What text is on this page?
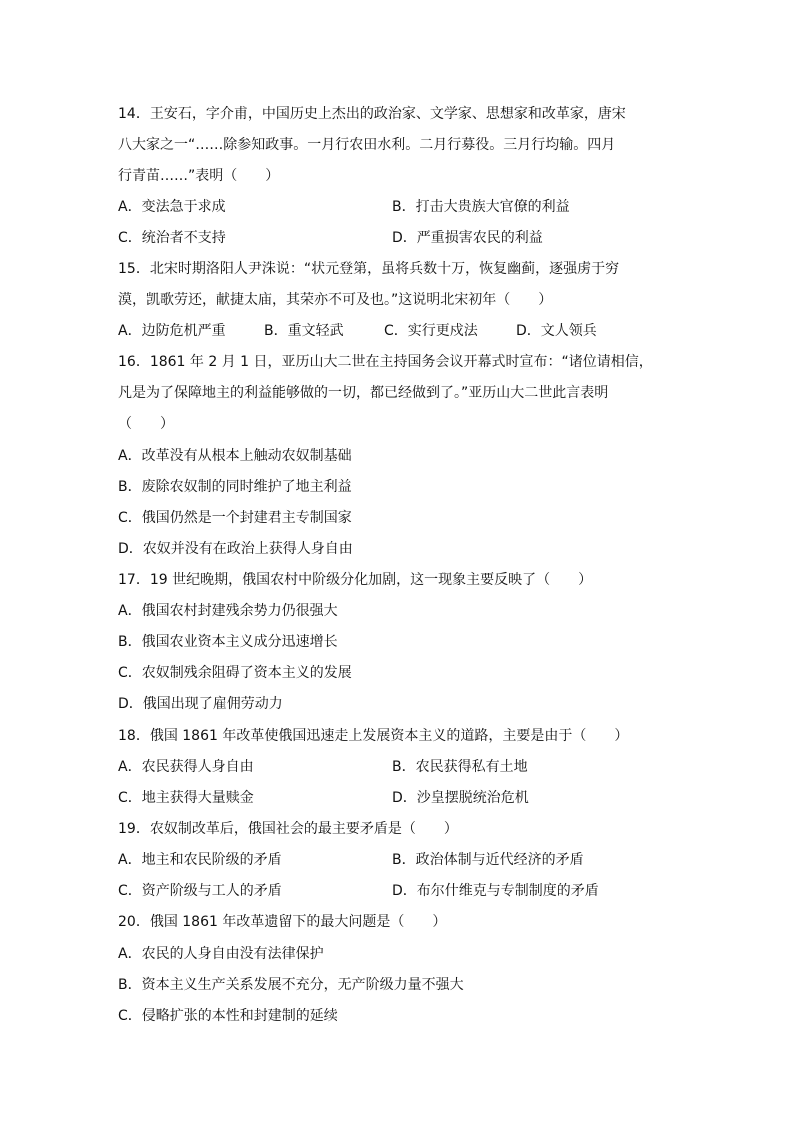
14．王安石，字介甫，中国历史上杰出的政治家、文学家、思想家和改革家，唐宋
八大家之一“……除参知政事。一月行农田水利。二月行募役。三月行均输。四月
行青苗……”表明（　　）
A．变法急于求成	B．打击大贵族大官僚的利益
C．统治者不支持	D．严重损害农民的利益
15．北宋时期洛阳人尹洙说：“状元登第，虽将兵数十万，恢复幽蓟，逐强虏于穷
漠，凯歌劳还，献捷太庙，其荣亦不可及也。”这说明北宋初年（　　）
A．边防危机严重	B．重文轻武	C．实行更戍法	D．文人领兵
16．1861 年 2 月 1 日，亚历山大二世在主持国务会议开幕式时宣布：“诸位请相信，
凡是为了保障地主的利益能够做的一切，都已经做到了。”亚历山大二世此言表明
（　　）
A．改革没有从根本上触动农奴制基础
B．废除农奴制的同时维护了地主利益
C．俄国仍然是一个封建君主专制国家
D．农奴并没有在政治上获得人身自由
17．19 世纪晚期，俄国农村中阶级分化加剧，这一现象主要反映了（　　）
A．俄国农村封建残余势力仍很强大
B．俄国农业资本主义成分迅速增长
C．农奴制残余阻碍了资本主义的发展
D．俄国出现了雇佣劳动力
18．俄国 1861 年改革使俄国迅速走上发展资本主义的道路，主要是由于（　　）
A．农民获得人身自由	B．农民获得私有土地
C．地主获得大量赎金	D．沙皇摆脱统治危机
19．农奴制改革后，俄国社会的最主要矛盾是（　　）
A．地主和农民阶级的矛盾	B．政治体制与近代经济的矛盾
C．资产阶级与工人的矛盾	D．布尔什维克与专制制度的矛盾
20．俄国 1861 年改革遗留下的最大问题是（　　）
A．农民的人身自由没有法律保护
B．资本主义生产关系发展不充分，无产阶级力量不强大
C．侵略扩张的本性和封建制的延续
